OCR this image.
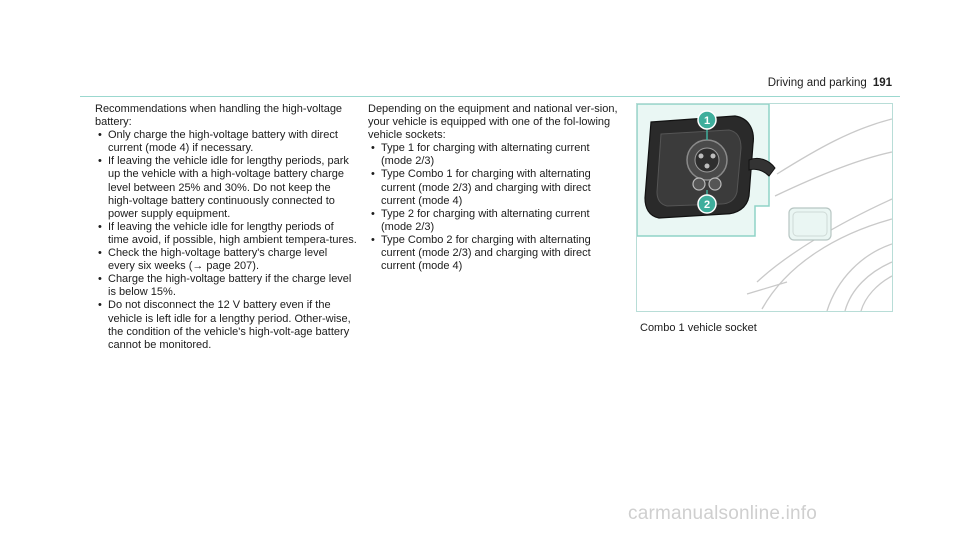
Driving and parking 191

Recommendations when handling the high-voltage battery:

• Only charge the high-voltage battery with direct current (mode 4) if necessary.
• If leaving the vehicle idle for lengthy periods, park up the vehicle with a high-voltage battery charge level between 25% and 30%. Do not keep the high-voltage battery continuously connected to power supply equipment.
• If leaving the vehicle idle for lengthy periods of time avoid, if possible, high ambient tempera-tures.
• Check the high-voltage battery's charge level every six weeks (→ page 207).
• Charge the high-voltage battery if the charge level is below 15%.
• Do not disconnect the 12 V battery even if the vehicle is left idle for a lengthy period. Other-wise, the condition of the vehicle's high-volt-age battery cannot be monitored.

Depending on the equipment and national ver-sion, your vehicle is equipped with one of the fol-lowing vehicle sockets:

• Type 1 for charging with alternating current (mode 2/3)
• Type Combo 1 for charging with alternating current (mode 2/3) and charging with direct current (mode 4)
• Type 2 for charging with alternating current (mode 2/3)
• Type Combo 2 for charging with alternating current (mode 2/3) and charging with direct current (mode 4)
1
2
Combo 1 vehicle socket
carmanualsonline.info
